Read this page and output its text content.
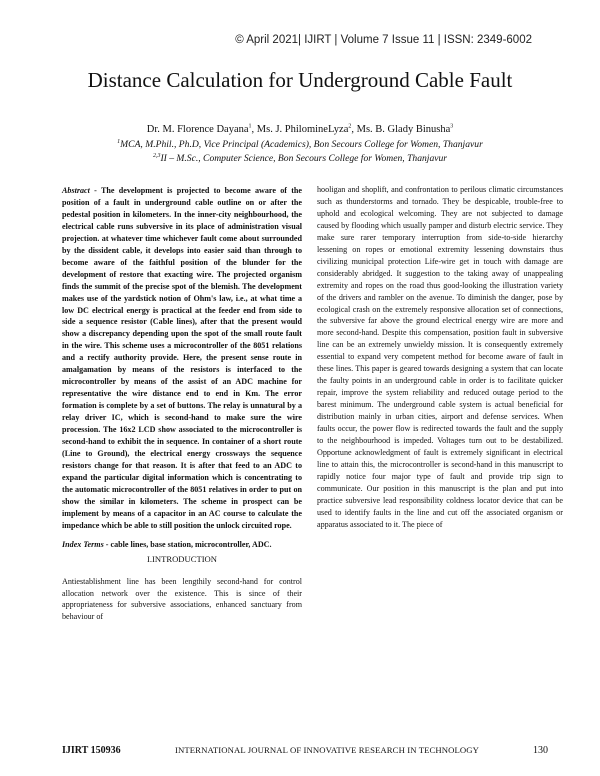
© April 2021| IJIRT | Volume 7 Issue 11 | ISSN: 2349-6002
Distance Calculation for Underground Cable Fault
Dr. M. Florence Dayana$^1$, Ms. J. PhilomineLyza$^2$, Ms. B. Glady Binusha$^3$
$^1$MCA, M.Phil., Ph.D, Vice Principal (Academics), Bon Secours College for Women, Thanjavur
$^{2,3}$II – M.Sc., Computer Science, Bon Secours College for Women, Thanjavur
Abstract - The development is projected to become aware of the position of a fault in underground cable outline on or after the pedestal position in kilometers. In the inner-city neighbourhood, the electrical cable runs subversive in its place of administration visual projection. at whatever time whichever fault come about surrounded by the dissident cable, it develops into easier said than through to become aware of the faithful position of the blunder for the development of restore that exacting wire. The projected organism finds the summit of the precise spot of the blemish. The development makes use of the yardstick notion of Ohm's law, i.e., at what time a low DC electrical energy is practical at the feeder end from side to side a sequence resistor (Cable lines), after that the present would show a discrepancy depending upon the spot of the small route fault in the wire. This scheme uses a microcontroller of the 8051 relations and a rectify authority provide. Here, the present sense route in amalgamation by means of the resistors is interfaced to the microcontroller by means of the assist of an ADC machine for representative the wire distance end to end in Km. The error formation is complete by a set of buttons. The relay is unnatural by a relay driver IC, which is second-hand to make sure the wire procession. The 16x2 LCD show associated to the microcontroller is second-hand to exhibit the in sequence. In container of a short route (Line to Ground), the electrical energy crossways the sequence resistors change for that reason. It is after that feed to an ADC to expand the particular digital information which is concentrating to the automatic microcontroller of the 8051 relatives in order to put on show the similar in kilometers. The scheme in prospect can be implement by means of a capacitor in an AC course to calculate the impedance which be able to still position the unlock circuited rope.
Index Terms - cable lines, base station, microcontroller, ADC.
I.INTRODUCTION
Antiestablishment line has been lengthily second-hand for control allocation network over the existence. This is since of their appropriateness for subversive associations, enhanced sanctuary from behaviour of
hooligan and shoplift, and confrontation to perilous climatic circumstances such as thunderstorms and tornado. They be despicable, trouble-free to uphold and ecological welcoming. They are not subjected to damage caused by flooding which usually pamper and disturb electric service. They make sure rarer temporary interruption from side-to-side hierarchy lessening on ropes or emotional extremity lessening downstairs thus civilizing municipal protection Life-wire get in touch with damage are considerably abridged. It suggestion to the taking away of unappealing extremity and ropes on the road thus good-looking the illustration variety of the drivers and rambler on the avenue. To diminish the danger, pose by ecological crash on the extremely responsive allocation set of connections, the subversive far above the ground electrical energy wire are more and more second-hand. Despite this compensation, position fault in subversive line can be an extremely unwieldy mission. It is consequently extremely essential to expand very competent method for become aware of fault in these lines. This paper is geared towards designing a system that can locate the faulty points in an underground cable in order is to facilitate quicker repair, improve the system reliability and reduced outage period to the barest minimum. The underground cable system is actual beneficial for distribution mainly in urban cities, airport and defense services. When faults occur, the power flow is redirected towards the fault and the supply to the neighbourhood is impeded. Voltages turn out to be destabilized. Opportune acknowledgment of fault is extremely significant in electrical line to attain this, the microcontroller is second-hand in this manuscript to rapidly notice four major type of fault and provide trip sign to communicate. Our position in this manuscript is the plan and put into practice subversive lead responsibility coldness locator device that can be used to identify faults in the line and cut off the associated organism or apparatus associated to it. The piece of
IJIRT 150936	INTERNATIONAL JOURNAL OF INNOVATIVE RESEARCH IN TECHNOLOGY	130
